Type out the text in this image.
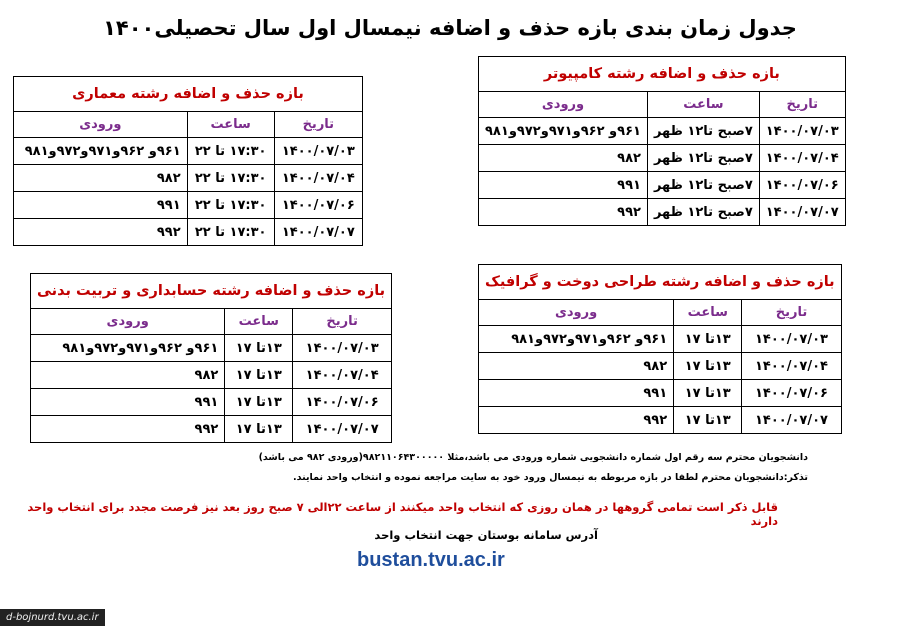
جدول زمان بندی بازه حذف و اضافه نیمسال اول سال تحصیلی۱۴۰۰
بازه حذف و اضافه رشته کامپیوتر		
تاریخ	ساعت	ورودی
۱۴۰۰/۰۷/۰۳	۷صبح تا۱۲ ظهر	۹۶۱و ۹۶۲و۹۷۱و۹۷۲و۹۸۱
۱۴۰۰/۰۷/۰۴	۷صبح تا۱۲ ظهر	۹۸۲
۱۴۰۰/۰۷/۰۶	۷صبح تا۱۲ ظهر	۹۹۱
۱۴۰۰/۰۷/۰۷	۷صبح تا۱۲ ظهر	۹۹۲
بازه حذف و اضافه رشته معماری		
تاریخ	ساعت	ورودی
۱۴۰۰/۰۷/۰۳	۱۷:۳۰ تا ۲۲	۹۶۱و ۹۶۲و۹۷۱و۹۷۲و۹۸۱
۱۴۰۰/۰۷/۰۴	۱۷:۳۰ تا ۲۲	۹۸۲
۱۴۰۰/۰۷/۰۶	۱۷:۳۰ تا ۲۲	۹۹۱
۱۴۰۰/۰۷/۰۷	۱۷:۳۰ تا ۲۲	۹۹۲
بازه حذف و اضافه رشته حسابداری و تربیت بدنی		
تاریخ	ساعت	ورودی
۱۴۰۰/۰۷/۰۳	۱۳تا ۱۷	۹۶۱و ۹۶۲و۹۷۱و۹۷۲و۹۸۱
۱۴۰۰/۰۷/۰۴	۱۳تا ۱۷	۹۸۲
۱۴۰۰/۰۷/۰۶	۱۳تا ۱۷	۹۹۱
۱۴۰۰/۰۷/۰۷	۱۳تا ۱۷	۹۹۲
بازه حذف و اضافه رشته طراحی دوخت و گرافیک		
تاریخ	ساعت	ورودی
۱۴۰۰/۰۷/۰۳	۱۳تا ۱۷	۹۶۱و ۹۶۲و۹۷۱و۹۷۲و۹۸۱
۱۴۰۰/۰۷/۰۴	۱۳تا ۱۷	۹۸۲
۱۴۰۰/۰۷/۰۶	۱۳تا ۱۷	۹۹۱
۱۴۰۰/۰۷/۰۷	۱۳تا ۱۷	۹۹۲
دانشجویان محترم سه رقم اول شماره دانشجویی شماره ورودی می باشد،مثلا ۹۸۲۱۱۰۶۴۳۰۰۰۰۰(ورودی ۹۸۲ می باشد)
تذکر:دانشجویان محترم لطفا در بازه مربوطه به نیمسال ورود خود به سایت مراجعه نموده و انتخاب واحد نمایند.
قابل ذکر است تمامی گروهها در همان روزی که انتخاب واحد میکنند از ساعت ۲۲الی ۷ صبح روز بعد نیز فرصت مجدد برای انتخاب واحد دارند
آدرس سامانه بوستان جهت انتخاب واحد
bustan.tvu.ac.ir
d-bojnurd.tvu.ac.ir
